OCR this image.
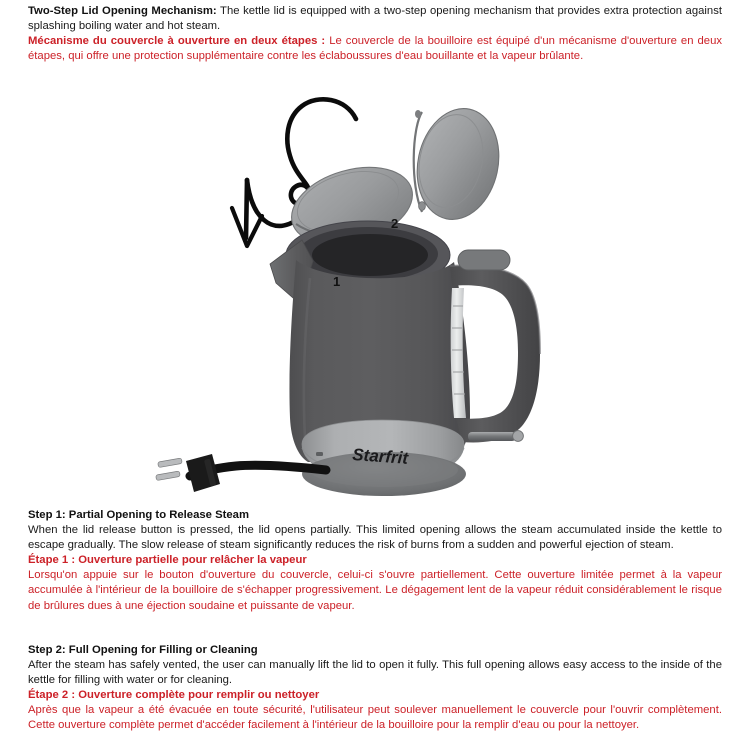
Two-Step Lid Opening Mechanism: The kettle lid is equipped with a two-step opening mechanism that provides extra protection against splashing boiling water and hot steam.

Mécanisme du couvercle à ouverture en deux étapes : Le couvercle de la bouilloire est équipé d'un mécanisme d'ouverture en deux étapes, qui offre une protection supplémentaire contre les éclaboussures d'eau bouillante et la vapeur brûlante.

Starfrit
1
2

Step 1: Partial Opening to Release Steam

When the lid release button is pressed, the lid opens partially. This limited opening allows the steam accumulated inside the kettle to escape gradually. The slow release of steam significantly reduces the risk of burns from a sudden and powerful ejection of steam.

Étape 1 : Ouverture partielle pour relâcher la vapeur

Lorsqu'on appuie sur le bouton d'ouverture du couvercle, celui-ci s'ouvre partiellement. Cette ouverture limitée permet à la vapeur accumulée à l'intérieur de la bouilloire de s'échapper progressivement. Le dégagement lent de la vapeur réduit considérablement le risque de brûlures dues à une éjection soudaine et puissante de vapeur.

Step 2: Full Opening for Filling or Cleaning

After the steam has safely vented, the user can manually lift the lid to open it fully. This full opening allows easy access to the inside of the kettle for filling with water or for cleaning.

Étape 2 : Ouverture complète pour remplir ou nettoyer

Après que la vapeur a été évacuée en toute sécurité, l'utilisateur peut soulever manuellement le couvercle pour l'ouvrir complètement. Cette ouverture complète permet d'accéder facilement à l'intérieur de la bouilloire pour la remplir d'eau ou pour la nettoyer.
